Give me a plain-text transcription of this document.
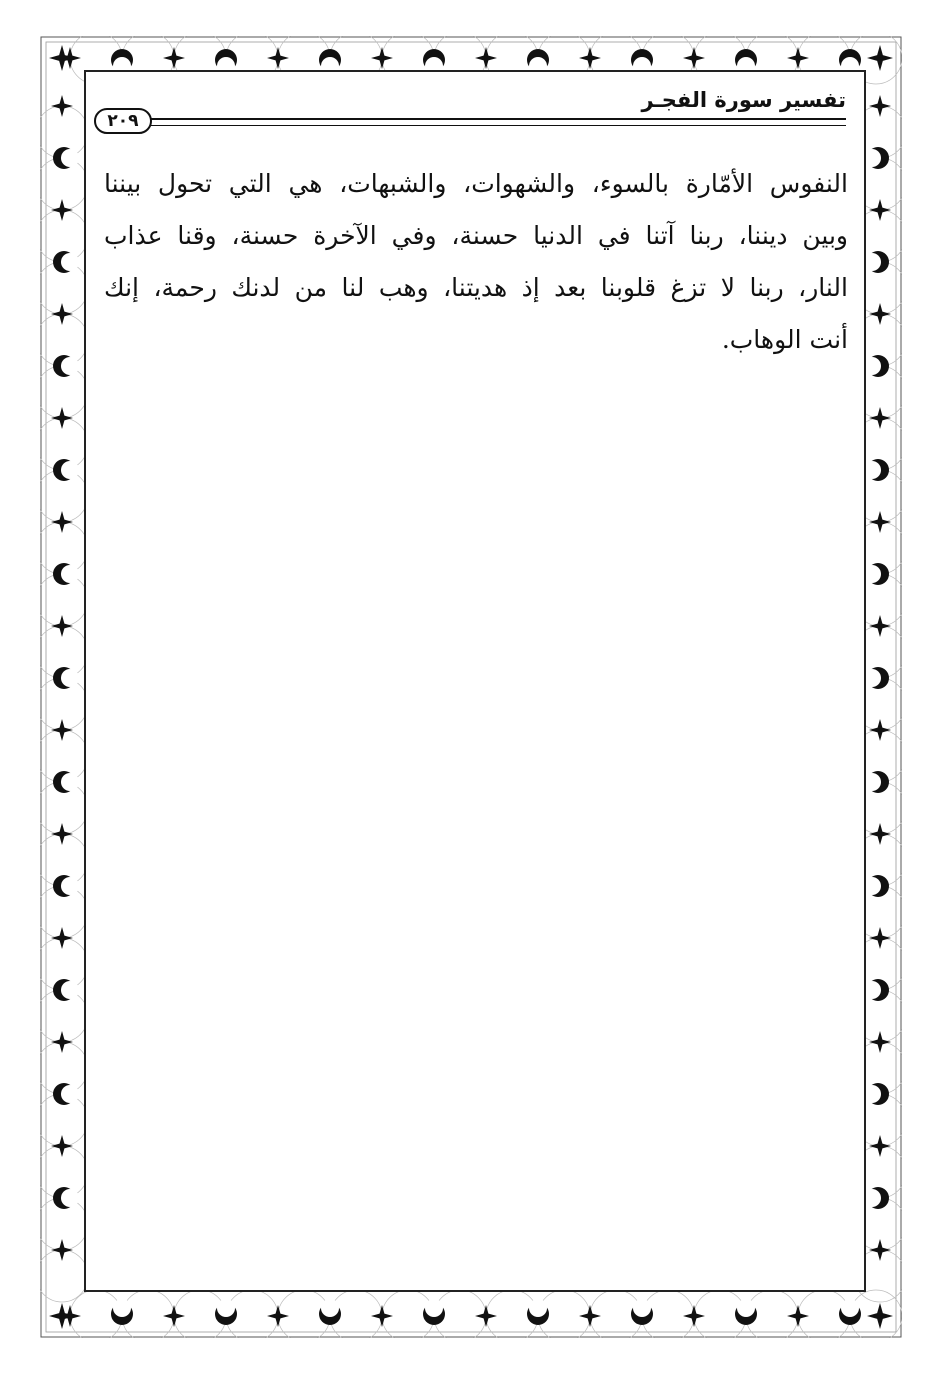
تفسير سورة الفجـر
٢٠٩
النفوس الأمّارة بالسوء، والشهوات، والشبهات، هي التي تحول بيننا
وبين ديننا، ربنا آتنا في الدنيا حسنة، وفي الآخرة حسنة، وقنا عذاب
النار، ربنا لا تزغ قلوبنا بعد إذ هديتنا، وهب لنا من لدنك رحمة، إنك
أنت الوهاب.
